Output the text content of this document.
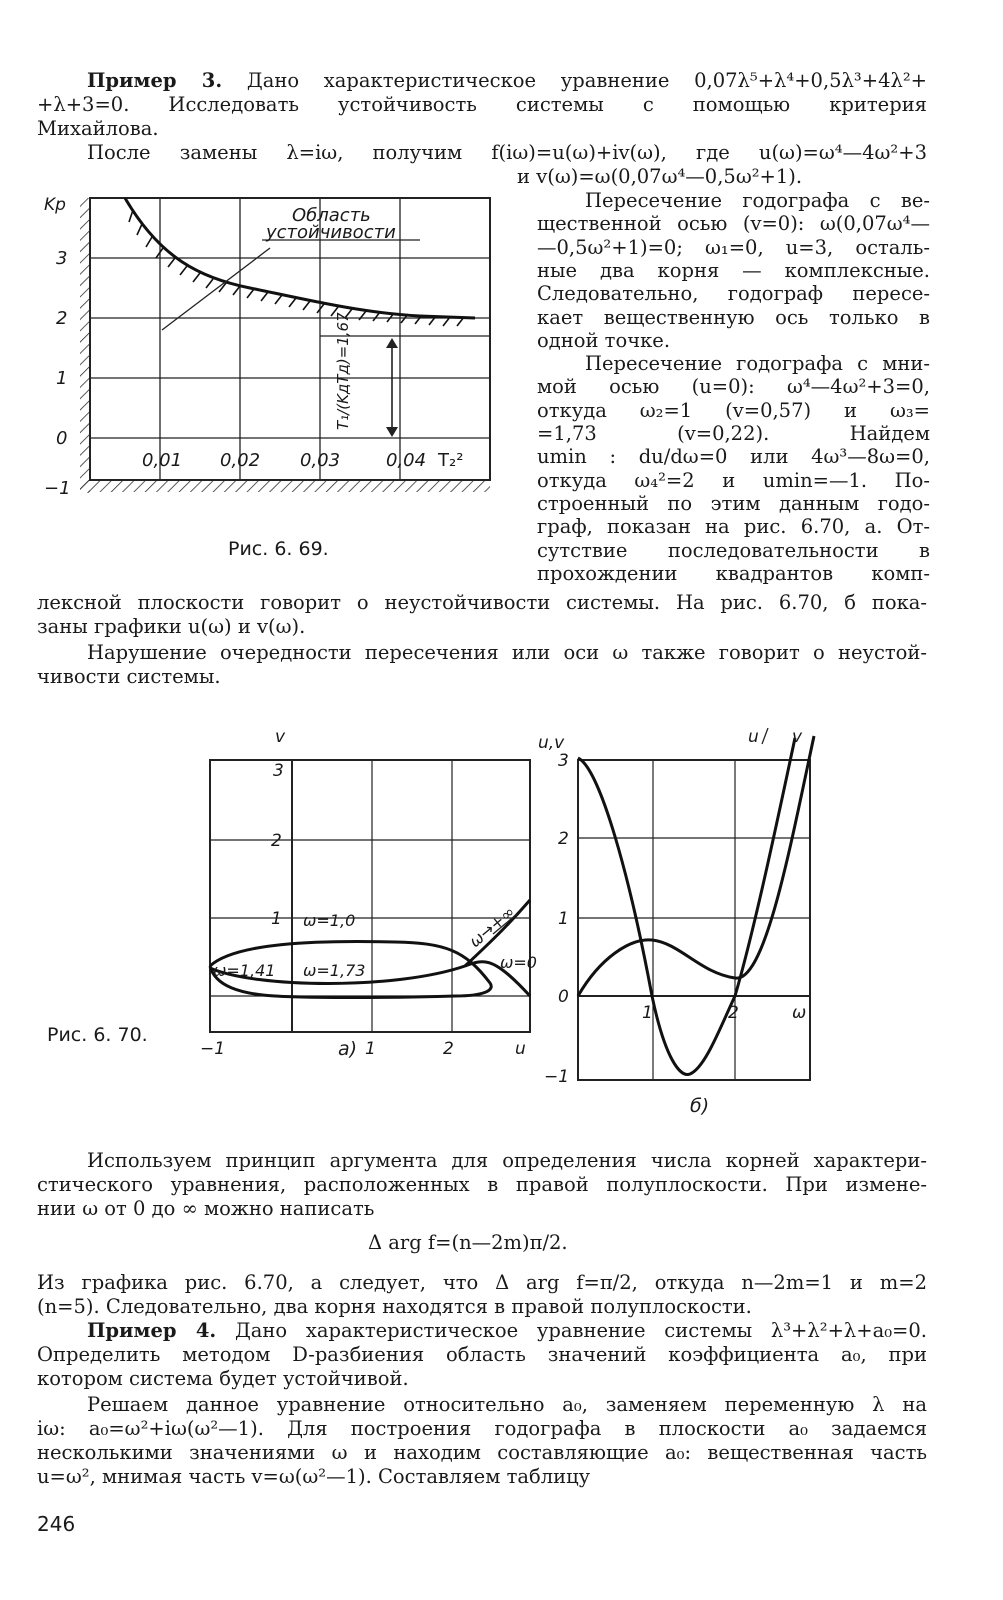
Пример 3. Дано характеристическое уравнение 0,07λ⁵+λ⁴+0,5λ³+4λ²+
+λ+3=0. Исследовать устойчивость системы с помощью критерия
Михайлова.
После замены λ=iω, получим f(iω)=u(ω)+iv(ω), где u(ω)=ω⁴—4ω²+3
и v(ω)=ω(0,07ω⁴—0,5ω²+1).
Пересечение годографа с ве-
щественной осью (v=0): ω(0,07ω⁴—
—0,5ω²+1)=0; ω₁=0, u=3, осталь-
ные два корня — комплексные.
Следовательно, годограф пересе-
кает вещественную ось только в
одной точке.
Пересечение годографа с мни-
мой осью (u=0): ω⁴—4ω²+3=0,
откуда ω₂=1 (v=0,57) и ω₃=
=1,73 (v=0,22). Найдем
umin : du/dω=0 или 4ω³—8ω=0,
откуда ω₄²=2 и umin=—1. По-
строенный по этим данным годо-
граф, показан на рис. 6.70, а. От-
сутствие последовательности в
прохождении квадрантов комп-
лексной плоскости говорит о неустойчивости системы. На рис. 6.70, б пока-
заны графики u(ω) и v(ω).
Нарушение очередности пересечения или оси ω также говорит о неустой-
чивости системы.
Область
устойчивости
T₁/(KдTд)=1,67
Kp
3
2
1
0
−1
0,01 0,02 0,03	0,04 T₂²
Рис. 6. 69.
v
3
2
1
−1	1	2	u
ω=1,0
ω=1,41 ω=1,73	ω=0
ω→+∞
Рис. 6. 70.
а)
u,v
3
2
1
0
−1
1	2	ω
u v
б)
Используем принцип аргумента для определения числа корней характери-
стического уравнения, расположенных в правой полуплоскости. При измене-
нии ω от 0 до ∞ можно написать
Δ arg f=(n—2m)π/2.
Из графика рис. 6.70, а следует, что Δ arg f=π/2, откуда n—2m=1 и m=2
(n=5). Следовательно, два корня находятся в правой полуплоскости.
Пример 4. Дано характеристическое уравнение системы λ³+λ²+λ+a₀=0.
Определить методом D-разбиения область значений коэффициента a₀, при
котором система будет устойчивой.
Решаем данное уравнение относительно a₀, заменяем переменную λ на
iω: a₀=ω²+iω(ω²—1). Для построения годографа в плоскости a₀ задаемся
несколькими значениями ω и находим составляющие a₀: вещественная часть
u=ω², мнимая часть v=ω(ω²—1). Составляем таблицу
246
